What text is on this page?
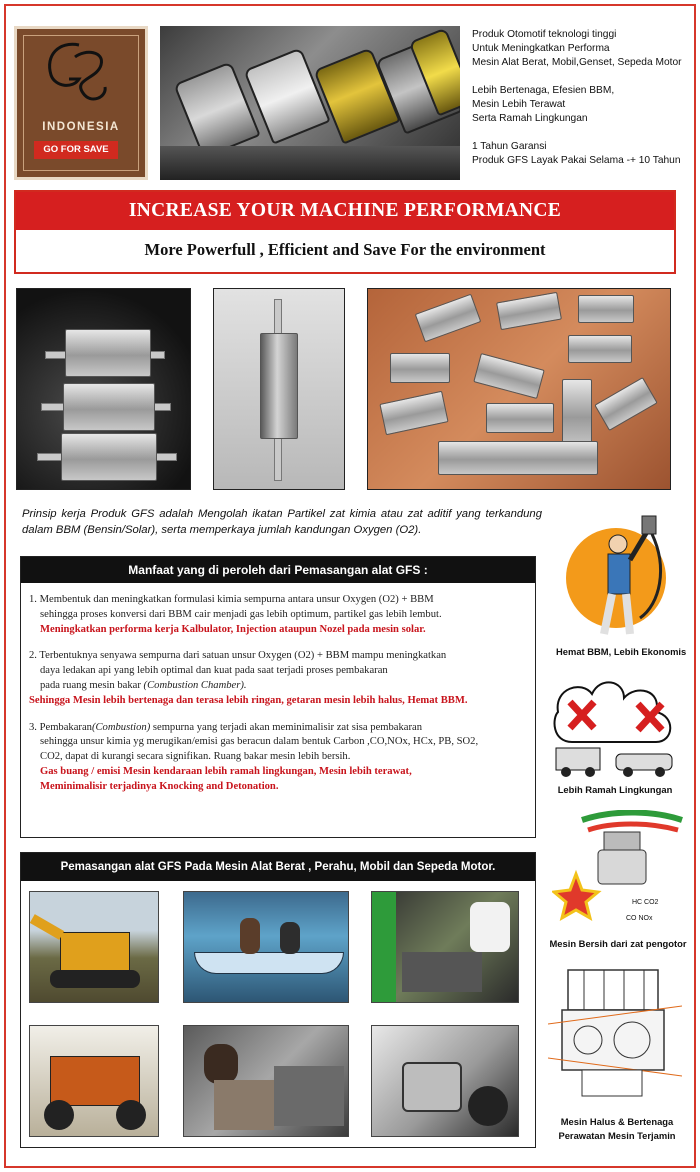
INDONESIA
GO FOR SAVE

Produk Otomotif teknologi tinggi

Untuk Meningkatkan Performa

Mesin Alat Berat, Mobil,Genset, Sepeda Motor

Lebih Bertenaga, Efesien BBM,

Mesin Lebih Terawat

Serta Ramah Lingkungan

1 Tahun Garansi

Produk GFS Layak Pakai Selama -+ 10 Tahun

INCREASE YOUR MACHINE PERFORMANCE
More Powerfull , Efficient and Save For the environment
Prinsip kerja Produk GFS adalah Mengolah ikatan Partikel zat kimia atau zat aditif yang terkandung dalam BBM (Bensin/Solar), serta memperkaya jumlah kandungan Oxygen (O2).
Manfaat yang di peroleh dari Pemasangan alat GFS :
1. Membentuk dan meningkatkan formulasi kimia sempurna antara unsur Oxygen (O2) + BBM
sehingga proses konversi dari BBM cair menjadi gas lebih optimum, partikel gas lebih lembut.
Meningkatkan performa kerja Kalbulator, Injection ataupun Nozel pada mesin solar.
2. Terbentuknya senyawa sempurna dari satuan unsur Oxygen (O2) + BBM mampu meningkatkan
daya ledakan api yang lebih optimal dan kuat pada saat terjadi proses pembakaran
pada ruang mesin bakar (Combustion Chamber).
Sehingga Mesin lebih bertenaga dan terasa lebih ringan, getaran mesin lebih halus, Hemat BBM.
3. Pembakaran(Combustion) sempurna yang terjadi akan meminimalisir zat sisa pembakaran
sehingga unsur kimia yg merugikan/emisi gas beracun dalam bentuk Carbon ,CO,NOx, HCx, PB, SO2,
CO2, dapat di kurangi secara signifikan. Ruang bakar mesin lebih bersih.
Gas buang / emisi Mesin kendaraan lebih ramah lingkungan, Mesin lebih terawat,
Meminimalisir terjadinya Knocking and Detonation.
Hemat BBM, Lebih Ekonomis
Lebih Ramah Lingkungan
HC CO2
CO NOx
Mesin Bersih dari zat pengotor
Mesin Halus & Bertenaga
Perawatan Mesin Terjamin
Pemasangan alat GFS Pada Mesin Alat Berat , Perahu, Mobil dan Sepeda Motor.
